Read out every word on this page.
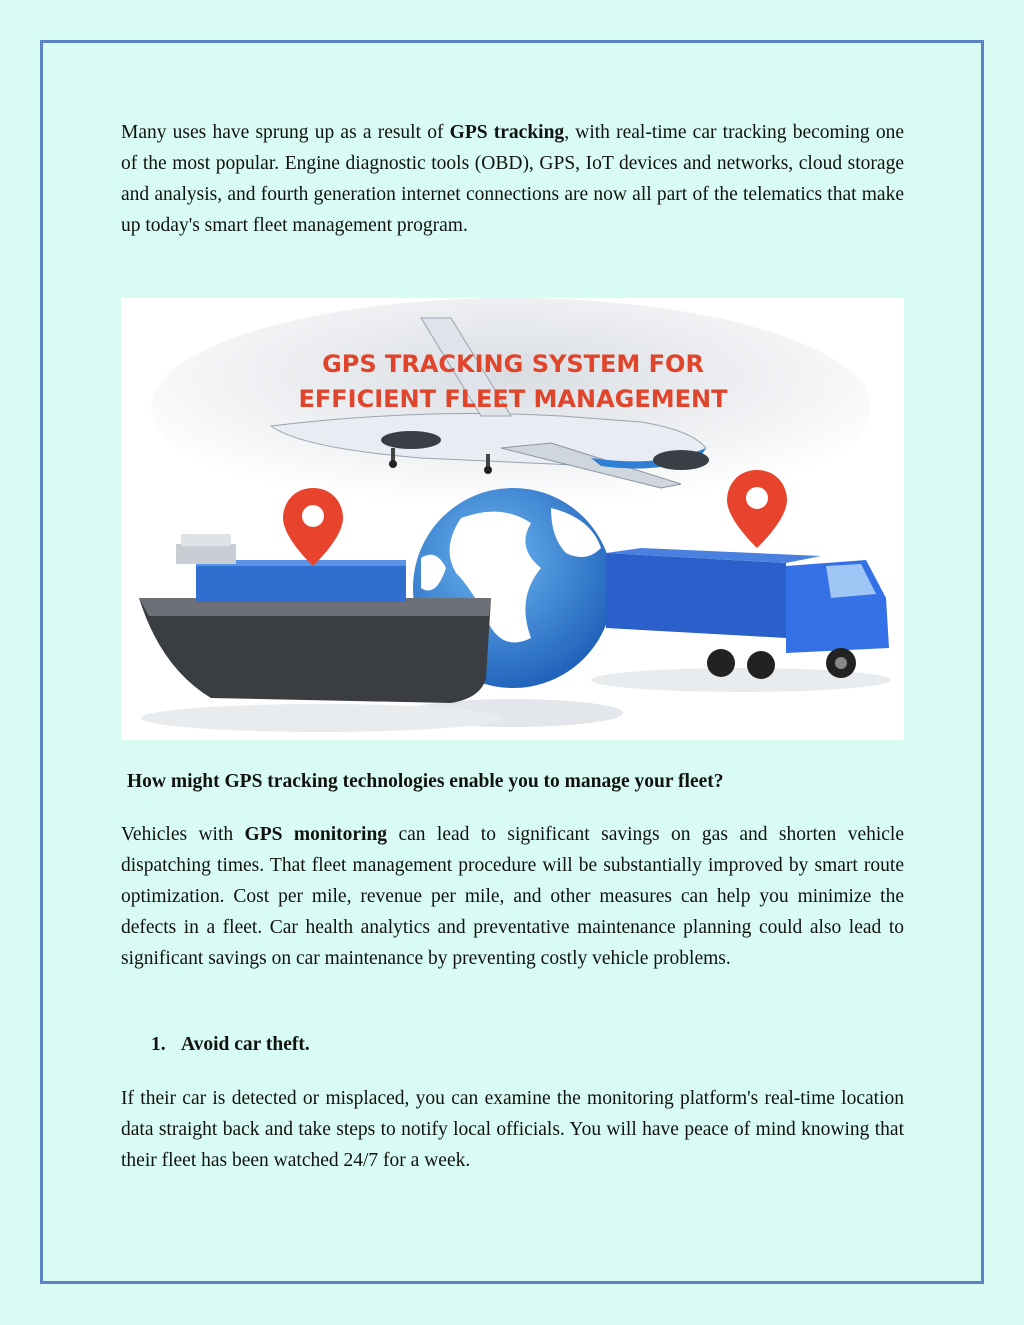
Many uses have sprung up as a result of GPS tracking, with real-time car tracking becoming one of the most popular. Engine diagnostic tools (OBD), GPS, IoT devices and networks, cloud storage and analysis, and fourth generation internet connections are now all part of the telematics that make up today's smart fleet management program.

GPS TRACKING SYSTEM FOR
EFFICIENT FLEET MANAGEMENT

How might GPS tracking technologies enable you to manage your fleet?

Vehicles with GPS monitoring can lead to significant savings on gas and shorten vehicle dispatching times. That fleet management procedure will be substantially improved by smart route optimization. Cost per mile, revenue per mile, and other measures can help you minimize the defects in a fleet. Car health analytics and preventative maintenance planning could also lead to significant savings on car maintenance by preventing costly vehicle problems.

1. Avoid car theft.

If their car is detected or misplaced, you can examine the monitoring platform's real-time location data straight back and take steps to notify local officials. You will have peace of mind knowing that their fleet has been watched 24/7 for a week.
